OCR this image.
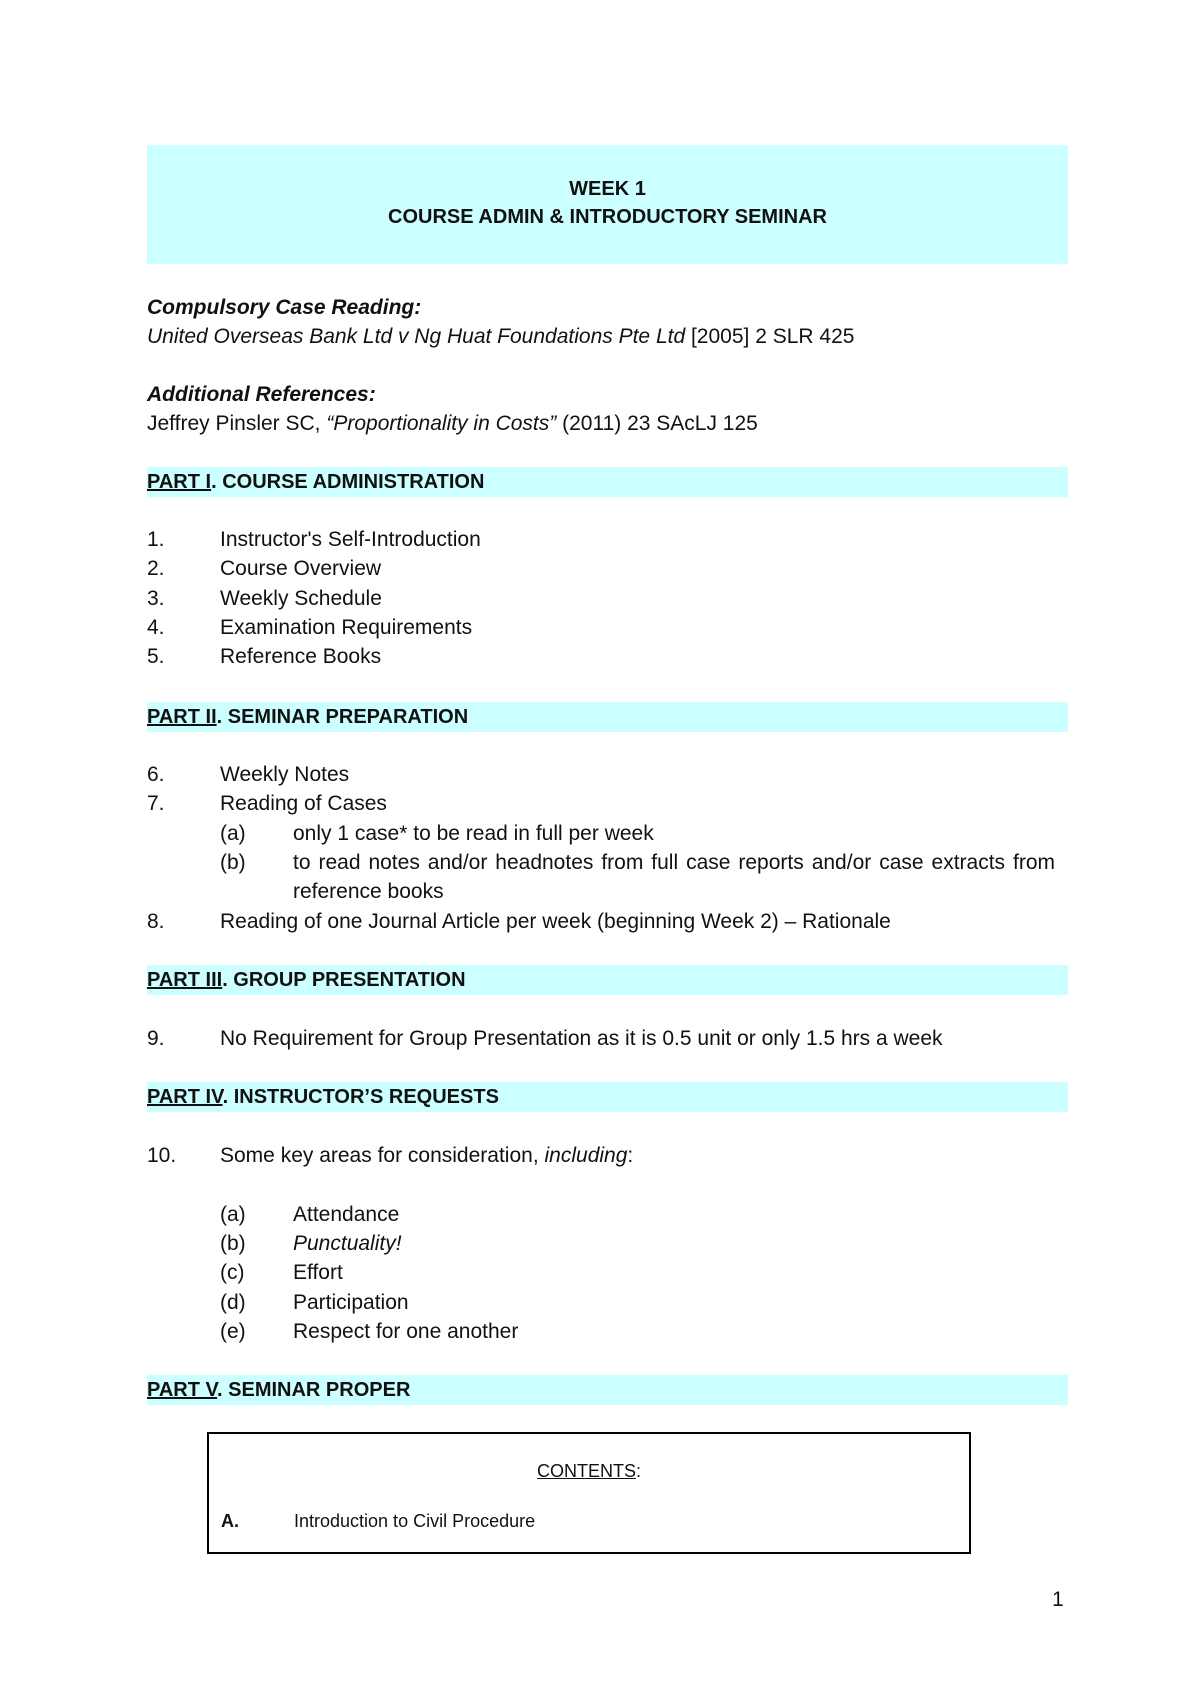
WEEK 1
COURSE ADMIN & INTRODUCTORY SEMINAR
Compulsory Case Reading:
United Overseas Bank Ltd v Ng Huat Foundations Pte Ltd [2005] 2 SLR 425
Additional References:
Jeffrey Pinsler SC, “Proportionality in Costs” (2011) 23 SAcLJ 125
PART I. COURSE ADMINISTRATION
1.	Instructor's Self-Introduction
2.	Course Overview
3.	Weekly Schedule
4.	Examination Requirements
5.	Reference Books
PART II. SEMINAR PREPARATION
6.	Weekly Notes
7.	Reading of Cases
(a) only 1 case* to be read in full per week
(b) to read notes and/or headnotes from full case reports and/or case extracts from
reference books
8.	Reading of one Journal Article per week (beginning Week 2) – Rationale
PART III. GROUP PRESENTATION
9.	No Requirement for Group Presentation as it is 0.5 unit or only 1.5 hrs a week
PART IV. INSTRUCTOR’S REQUESTS
10. Some key areas for consideration, including:
(a) Attendance
(b) Punctuality!
(c) Effort
(d) Participation
(e) Respect for one another
PART V. SEMINAR PROPER
CONTENTS:
A.	Introduction to Civil Procedure
1
